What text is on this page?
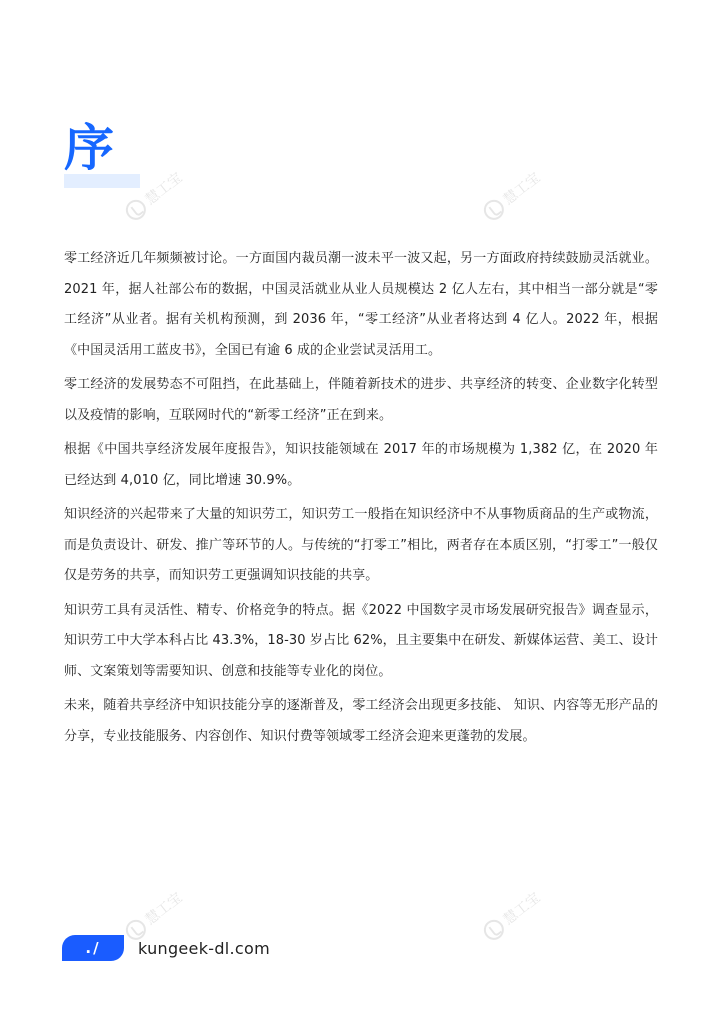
慧工宝	慧工宝
慧工宝	慧工宝
序

零工经济近几年频频被讨论。一方面国内裁员潮一波未平一波又起，另一方面政府持续鼓励灵活就业。2021 年，据人社部公布的数据，中国灵活就业从业人员规模达 2 亿人左右，其中相当一部分就是“零工经济”从业者。据有关机构预测，到 2036 年，“零工经济”从业者将达到 4 亿人。2022 年，根据《中国灵活用工蓝皮书》，全国已有逾 6 成的企业尝试灵活用工。

零工经济的发展势态不可阻挡，在此基础上，伴随着新技术的进步、共享经济的转变、企业数字化转型以及疫情的影响，互联网时代的“新零工经济”正在到来。

根据《中国共享经济发展年度报告》，知识技能领域在 2017 年的市场规模为 1,382 亿，在 2020 年已经达到 4,010 亿，同比增速 30.9%。

知识经济的兴起带来了大量的知识劳工，知识劳工一般指在知识经济中不从事物质商品的生产或物流，而是负责设计、研发、推广等环节的人。与传统的“打零工”相比，两者存在本质区别，“打零工”一般仅仅是劳务的共享，而知识劳工更强调知识技能的共享。

知识劳工具有灵活性、精专、价格竞争的特点。据《2022 中国数字灵市场发展研究报告》调查显示，知识劳工中大学本科占比 43.3%，18-30 岁占比 62%，且主要集中在研发、新媒体运营、美工、设计师、文案策划等需要知识、创意和技能等专业化的岗位。

未来，随着共享经济中知识技能分享的逐渐普及，零工经济会出现更多技能、 知识、内容等无形产品的分享，专业技能服务、内容创作、知识付费等领域零工经济会迎来更蓬勃的发展。

./	kungeek-dl.com
